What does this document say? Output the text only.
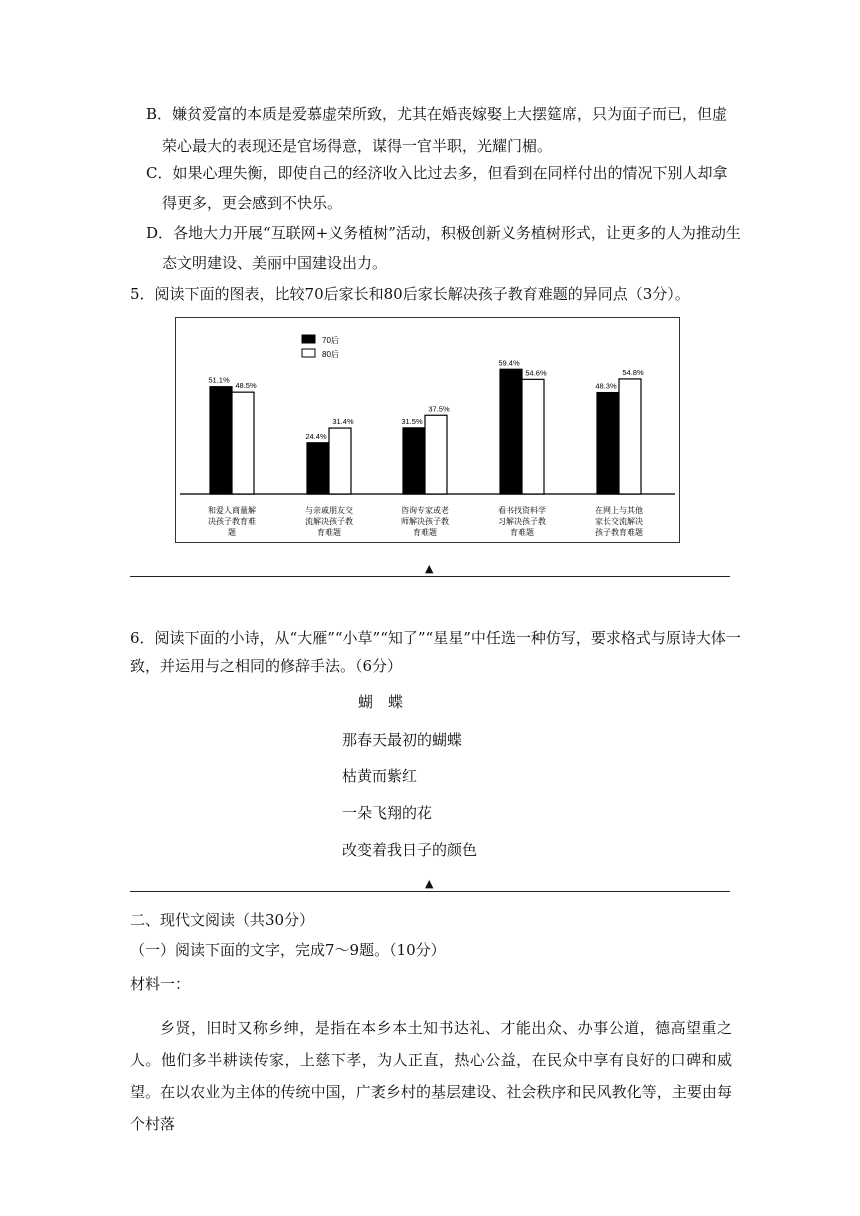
B．嫌贫爱富的本质是爱慕虚荣所致，尤其在婚丧嫁娶上大摆筵席，只为面子而已，但虚
荣心最大的表现还是官场得意，谋得一官半职，光耀门楣。
C．如果心理失衡，即使自己的经济收入比过去多，但看到在同样付出的情况下别人却拿
得更多，更会感到不快乐。
D．各地大力开展“互联网+义务植树”活动，积极创新义务植树形式，让更多的人为推动生
态文明建设、美丽中国建设出力。
5．阅读下面的图表，比较70后家长和80后家长解决孩子教育难题的异同点（3分）。
70后
80后
51.1%
48.5%
和爱人商量解
决孩子教育难
题
24.4%
31.4%
与亲戚朋友交
流解决孩子教
育难题
31.5%
37.5%
咨询专家或老
师解决孩子教
育难题
59.4%
54.6%
看书找资料学
习解决孩子教
育难题
48.3%
54.8%
在网上与其他
家长交流解决
孩子教育难题
▲
6．阅读下面的小诗，从“大雁”“小草”“知了”“星星”中任选一种仿写，要求格式与原诗大体一
致，并运用与之相同的修辞手法。（6分）
蝴　蝶
那春天最初的蝴蝶
枯黄而紫红
一朵飞翔的花
改变着我日子的颜色
▲
二、现代文阅读（共30分）
（一）阅读下面的文字，完成7～9题。（10分）
材料一：
乡贤，旧时又称乡绅，是指在本乡本土知书达礼、才能出众、办事公道，德高望重之人。他们多半耕读传家，上慈下孝，为人正直，热心公益，在民众中享有良好的口碑和威望。在以农业为主体的传统中国，广袤乡村的基层建设、社会秩序和民风教化等，主要由每个村落
